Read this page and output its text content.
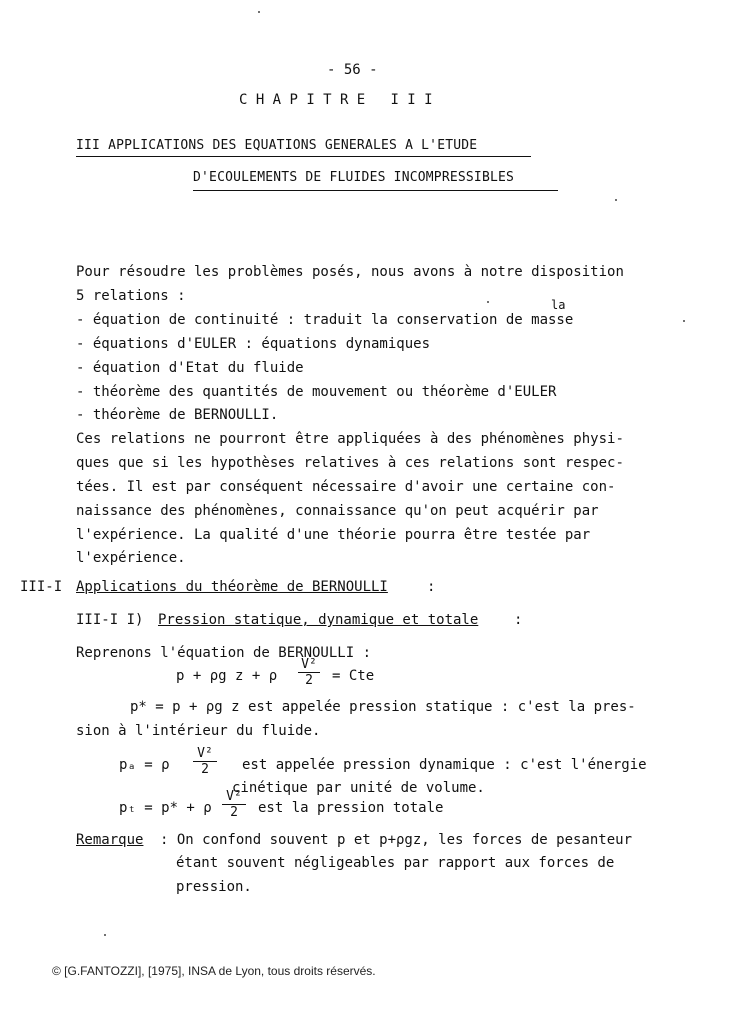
- 56 -
CHAPITRE III
III APPLICATIONS DES EQUATIONS GENERALES A L'ETUDE
D'ECOULEMENTS DE FLUIDES INCOMPRESSIBLES
Pour résoudre les problèmes posés, nous avons à notre disposition
5 relations :
la
- équation de continuité : traduit la conservation de masse
- équations d'EULER : équations dynamiques
- équation d'Etat du fluide
- théorème des quantités de mouvement ou théorème d'EULER
- théorème de BERNOULLI.
Ces relations ne pourront être appliquées à des phénomènes physi-
ques que si les hypothèses relatives à ces relations sont respec-
tées. Il est par conséquent nécessaire d'avoir une certaine con-
naissance des phénomènes, connaissance qu'on peut acquérir par
l'expérience. La qualité d'une théorie pourra être testée par
l'expérience.
III-I Applications du théorème de BERNOULLI	:
III-I I) Pression statique, dynamique et totale	:
Reprenons l'équation de BERNOULLI :
p + ρg z + ρ
V²
2	= Cte
p* = p + ρg z est appelée pression statique : c'est la pres-
sion à l'intérieur du fluide.
pₐ = ρ
V²
2	est appelée pression dynamique : c'est l'énergie
cinétique par unité de volume.
pₜ = p* + ρ
V²
2	est la pression totale
Remarque : On confond souvent p et p+ρgz, les forces de pesanteur
étant souvent négligeables par rapport aux forces de
pression.
© [G.FANTOZZI], [1975], INSA de Lyon, tous droits réservés.
